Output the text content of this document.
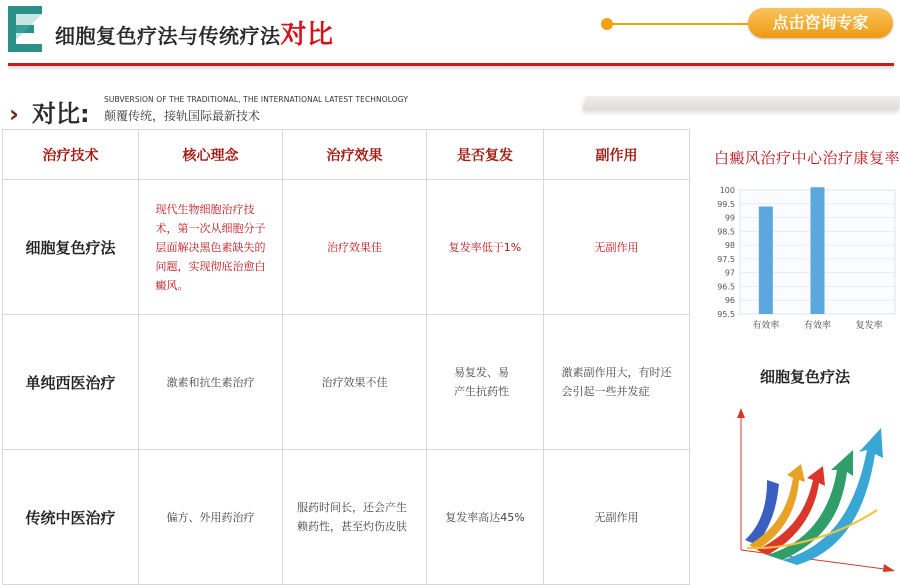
细胞复色疗法与传统疗法对比	点击咨询专家
› 对比:
SUBVERSION OF THE TRADITIONAL, THE INTERNATIONAL LATEST TECHNOLOGY
颠覆传统，接轨国际最新技术
治疗技术	核心理念	治疗效果	是否复发	副作用
细胞复色疗法	现代生物细胞治疗技术，第一次从细胞分子层面解决黑色素缺失的问题，实现彻底治愈白癜风。	治疗效果佳	复发率低于1%	无副作用
单纯西医治疗	激素和抗生素治疗	治疗效果不佳	易复发、易产生抗药性	激素副作用大，有时还会引起一些并发症
传统中医治疗	偏方、外用药治疗	服药时间长，还会产生赖药性，甚至灼伤皮肤	复发率高达45%	无副作用
白癜风治疗中心治疗康复率
95.5
96
96.5
97
97.5
98
98.5
99
99.5
100
有效率	有效率	复发率
细胞复色疗法
